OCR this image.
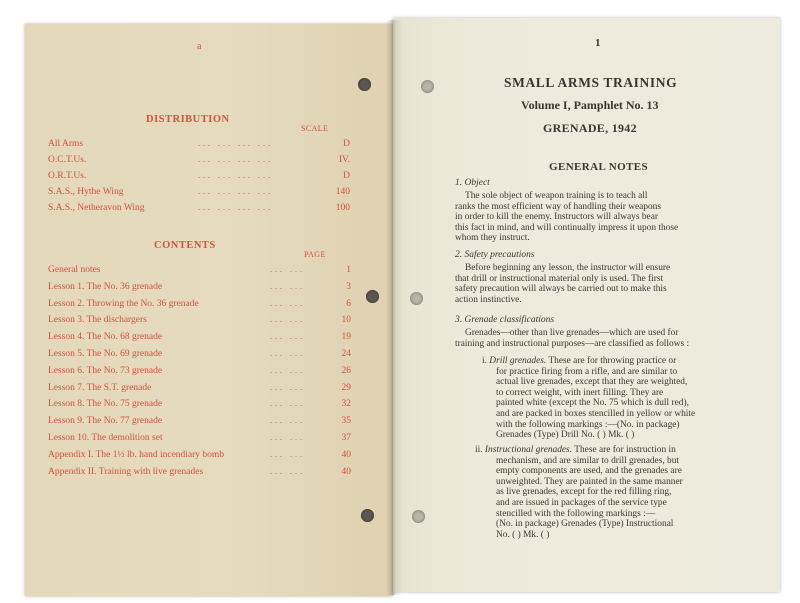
a
DISTRIBUTION
SCALE
All Arms	... ... ... ...	D
O.C.T.Us.	... ... ... ...	IV.
O.R.T.Us.	... ... ... ...	D
S.A.S., Hythe Wing	... ... ... ...	140
S.A.S., Netheravon Wing	... ... ... ...	100
CONTENTS
PAGE
General notes	... ...	1
Lesson 1. The No. 36 grenade	... ...	3
Lesson 2. Throwing the No. 36 grenade	... ...	6
Lesson 3. The dischargers	... ...	10
Lesson 4. The No. 68 grenade	... ...	19
Lesson 5. The No. 69 grenade	... ...	24
Lesson 6. The No. 73 grenade	... ...	26
Lesson 7. The S.T. grenade	... ...	29
Lesson 8. The No. 75 grenade	... ...	32
Lesson 9. The No. 77 grenade	... ...	35
Lesson 10. The demolition set	... ...	37
Appendix I. The 1½ lb. hand incendiary bomb	... ...	40
Appendix II. Training with live grenades	... ...	40
1
SMALL ARMS TRAINING
Volume I, Pamphlet No. 13
GRENADE, 1942
GENERAL NOTES
1. Object
The sole object of weapon training is to teach all
ranks the most efficient way of handling their weapons
in order to kill the enemy. Instructors will always bear
this fact in mind, and will continually impress it upon those
whom they instruct.
2. Safety precautions
Before beginning any lesson, the instructor will ensure
that drill or instructional material only is used. The first
safety precaution will always be carried out to make this
action instinctive.
3. Grenade classifications
Grenades—other than live grenades—which are used for
training and instructional purposes—are classified as follows :
i. Drill grenades. These are for throwing practice or
for practice firing from a rifle, and are similar to
actual live grenades, except that they are weighted,
to correct weight, with inert filling. They are
painted white (except the No. 75 which is dull red),
and are packed in boxes stencilled in yellow or white
with the following markings :—(No. in package)
Grenades (Type) Drill No. ( ) Mk. ( )
ii. Instructional grenades. These are for instruction in
mechanism, and are similar to drill grenades, but
empty components are used, and the grenades are
unweighted. They are painted in the same manner
as live grenades, except for the red filling ring,
and are issued in packages of the service type
stencilled with the following markings :—
(No. in package) Grenades (Type) Instructional
No. ( ) Mk. ( )
